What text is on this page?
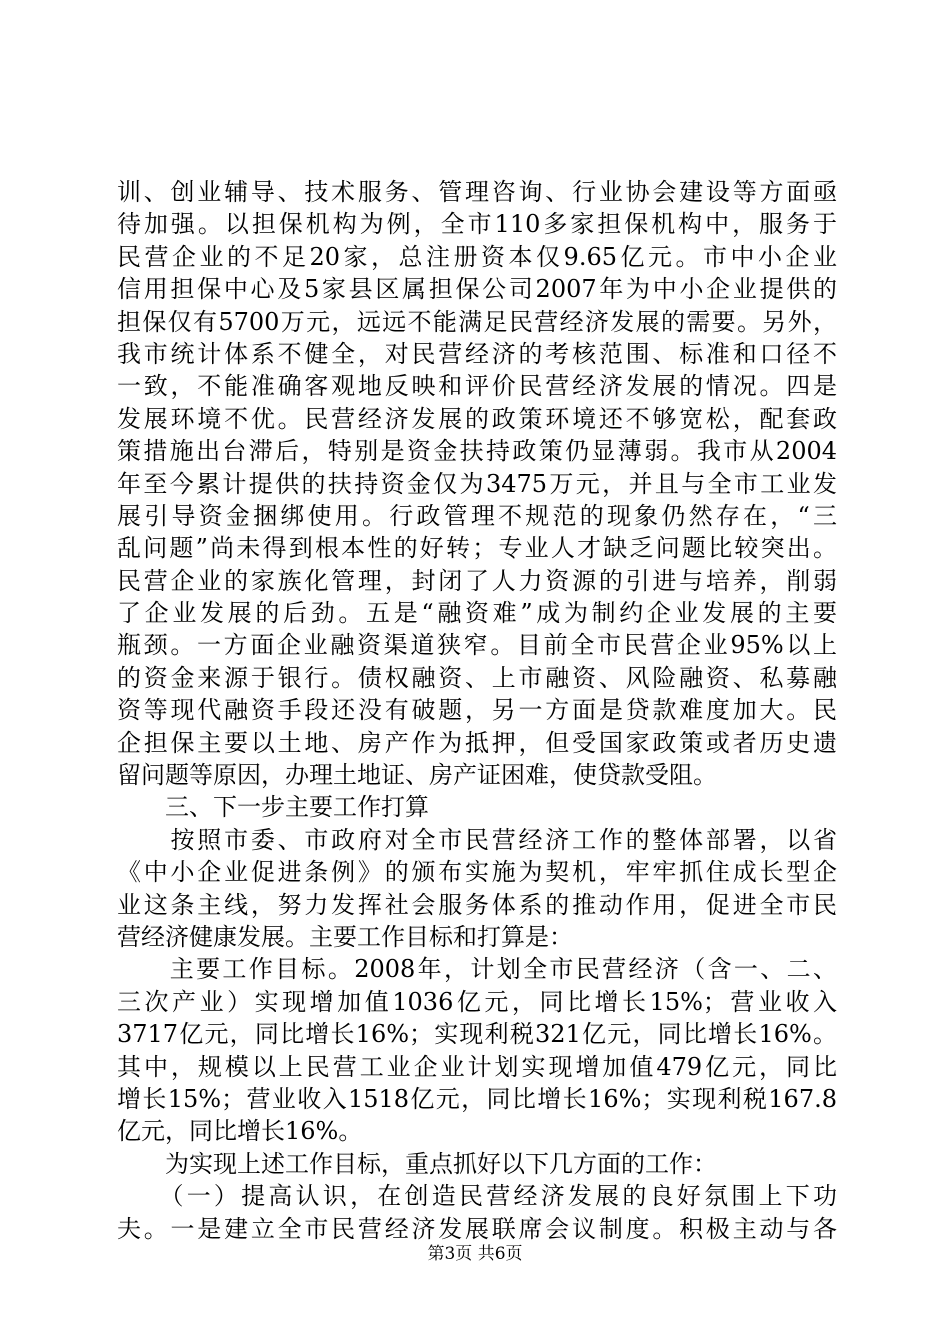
训、创业辅导、技术服务、管理咨询、行业协会建设等方面亟
待加强。以担保机构为例，全市110多家担保机构中，服务于
民营企业的不足20家，总注册资本仅9.65亿元。市中小企业
信用担保中心及5家县区属担保公司2007年为中小企业提供的
担保仅有5700万元，远远不能满足民营经济发展的需要。另外，
我市统计体系不健全，对民营经济的考核范围、标准和口径不
一致，不能准确客观地反映和评价民营经济发展的情况。四是
发展环境不优。民营经济发展的政策环境还不够宽松，配套政
策措施出台滞后，特别是资金扶持政策仍显薄弱。我市从2004
年至今累计提供的扶持资金仅为3475万元，并且与全市工业发
展引导资金捆绑使用。行政管理不规范的现象仍然存在，“三
乱问题”尚未得到根本性的好转；专业人才缺乏问题比较突出。
民营企业的家族化管理，封闭了人力资源的引进与培养，削弱
了企业发展的后劲。五是“融资难”成为制约企业发展的主要
瓶颈。一方面企业融资渠道狭窄。目前全市民营企业95%以上
的资金来源于银行。债权融资、上市融资、风险融资、私募融
资等现代融资手段还没有破题，另一方面是贷款难度加大。民
企担保主要以土地、房产作为抵押，但受国家政策或者历史遗
留问题等原因，办理土地证、房产证困难，使贷款受阻。
　　三、下一步主要工作打算
　　按照市委、市政府对全市民营经济工作的整体部署，以省
《中小企业促进条例》的颁布实施为契机，牢牢抓住成长型企
业这条主线，努力发挥社会服务体系的推动作用，促进全市民
营经济健康发展。主要工作目标和打算是：
　　主要工作目标。2008年，计划全市民营经济（含一、二、
三次产业）实现增加值1036亿元，同比增长15%；营业收入
3717亿元，同比增长16%；实现利税321亿元，同比增长16%。
其中，规模以上民营工业企业计划实现增加值479亿元，同比
增长15%；营业收入1518亿元，同比增长16%；实现利税167.8
亿元，同比增长16%。
　　为实现上述工作目标，重点抓好以下几方面的工作：
　　（一）提高认识，在创造民营经济发展的良好氛围上下功
夫。一是建立全市民营经济发展联席会议制度。积极主动与各
第3页 共6页
